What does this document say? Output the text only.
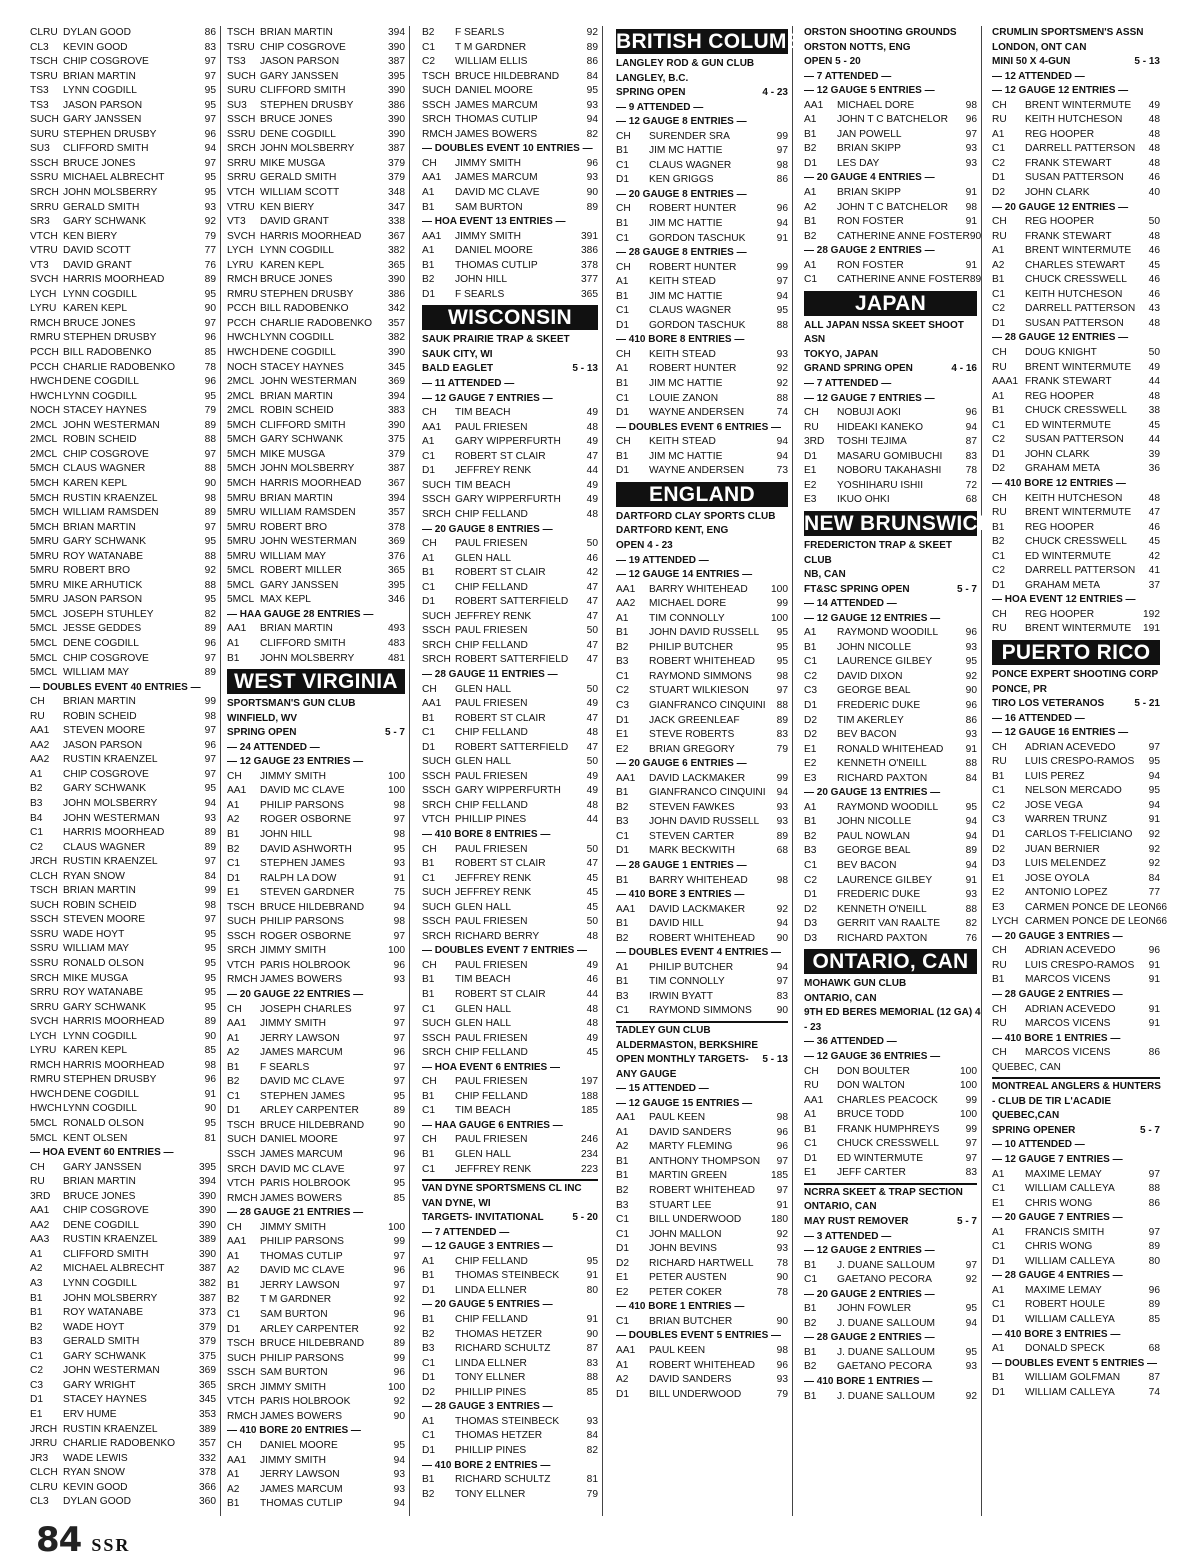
CLRU DYLAN GOOD	86
CL3	KEVIN GOOD	83
TSCH CHIP COSGROVE	97
TSRU BRIAN MARTIN	97
TS3	LYNN COGDILL	95
TS3	JASON PARSON	95
SUCH GARY JANSSEN	97
SURU STEPHEN DRUSBY	96
SU3	CLIFFORD SMITH	94
SSCH BRUCE JONES	97
SSRU MICHAEL ALBRECHT	95
SRCH JOHN MOLSBERRY	95
SRRU GERALD SMITH	93
SR3	GARY SCHWANK	92
VTCH KEN BIERY	79
VTRU DAVID SCOTT	77
VT3	DAVID GRANT	76
SVCH HARRIS MOORHEAD	89
LYCH LYNN COGDILL	95
LYRU KAREN KEPL	90
RMCH BRUCE JONES	97
RMRU STEPHEN DRUSBY	96
PCCH BILL RADOBENKO	85
PCCH CHARLIE RADOBENKO	78
HWCH DENE COGDILL	96
HWCH LYNN COGDILL	95
NOCH STACEY HAYNES	79
2MCL JOHN WESTERMAN	89
2MCL ROBIN SCHEID	88
2MCL CHIP COSGROVE	97
5MCH CLAUS WAGNER	88
5MCH KAREN KEPL	90
5MCH RUSTIN KRAENZEL	98
5MCH WILLIAM RAMSDEN	89
5MCH BRIAN MARTIN	97
5MRU GARY SCHWANK	95
5MRU ROY WATANABE	88
5MRU ROBERT BRO	92
5MRU MIKE ARHUTICK	88
5MRU JASON PARSON	95
5MCL JOSEPH STUHLEY	82
5MCL JESSE GEDDES	89
5MCL DENE COGDILL	96
5MCL CHIP COSGROVE	97
5MCL WILLIAM MAY	89
— DOUBLES EVENT 40 ENTRIES —
CH	BRIAN MARTIN	99
RU	ROBIN SCHEID	98
AA1	STEVEN MOORE	97
AA2	JASON PARSON	96
AA2	RUSTIN KRAENZEL	97
A1	CHIP COSGROVE	97
B2	GARY SCHWANK	95
B3	JOHN MOLSBERRY	94
B4	JOHN WESTERMAN	93
C1	HARRIS MOORHEAD	89
C2	CLAUS WAGNER	89
JRCH RUSTIN KRAENZEL	97
CLCH RYAN SNOW	84
TSCH BRIAN MARTIN	99
SUCH ROBIN SCHEID	98
SSCH STEVEN MOORE	97
SSRU WADE HOYT	95
SSRU WILLIAM MAY	95
SSRU RONALD OLSON	95
SRCH MIKE MUSGA	95
SRRU ROY WATANABE	95
SRRU GARY SCHWANK	95
SVCH HARRIS MOORHEAD	89
LYCH LYNN COGDILL	90
LYRU KAREN KEPL	85
RMCH HARRIS MOORHEAD	98
RMRU STEPHEN DRUSBY	96
HWCH DENE COGDILL	91
HWCH LYNN COGDILL	90
5MCL RONALD OLSON	95
5MCL KENT OLSEN	81
— HOA EVENT 60 ENTRIES —
CH	GARY JANSSEN	395
RU	BRIAN MARTIN	394
3RD	BRUCE JONES	390
AA1	CHIP COSGROVE	390
AA2	DENE COGDILL	390
AA3	RUSTIN KRAENZEL	389
A1	CLIFFORD SMITH	390
A2	MICHAEL ALBRECHT	387
A3	LYNN COGDILL	382
B1	JOHN MOLSBERRY	387
B1	ROY WATANABE	373
B2	WADE HOYT	379
B3	GERALD SMITH	379
C1	GARY SCHWANK	375
C2	JOHN WESTERMAN	369
C3	GARY WRIGHT	365
D1	STACEY HAYNES	345
E1	ERV HUME	353
JRCH RUSTIN KRAENZEL	389
JRRU CHARLIE RADOBENKO	357
JR3	WADE LEWIS	332
CLCH RYAN SNOW	378
CLRU KEVIN GOOD	366
CL3	DYLAN GOOD	360
TSCH BRIAN MARTIN	394
TSRU CHIP COSGROVE	390
TS3	JASON PARSON	387
SUCH GARY JANSSEN	395
SURU CLIFFORD SMITH	390
SU3	STEPHEN DRUSBY	386
SSCH BRUCE JONES	390
SSRU DENE COGDILL	390
SRCH JOHN MOLSBERRY	387
SRRU MIKE MUSGA	379
SRRU GERALD SMITH	379
VTCH WILLIAM SCOTT	348
VTRU KEN BIERY	347
VT3	DAVID GRANT	338
SVCH HARRIS MOORHEAD	367
LYCH LYNN COGDILL	382
LYRU KAREN KEPL	365
RMCH BRUCE JONES	390
RMRU STEPHEN DRUSBY	386
PCCH BILL RADOBENKO	342
PCCH CHARLIE RADOBENKO	357
HWCH LYNN COGDILL	382
HWCH DENE COGDILL	390
NOCH STACEY HAYNES	345
2MCL JOHN WESTERMAN	369
2MCL BRIAN MARTIN	394
2MCL ROBIN SCHEID	383
5MCH CLIFFORD SMITH	390
5MCH GARY SCHWANK	375
5MCH MIKE MUSGA	379
5MCH JOHN MOLSBERRY	387
5MCH HARRIS MOORHEAD	367
5MRU BRIAN MARTIN	394
5MRU WILLIAM RAMSDEN	357
5MRU ROBERT BRO	378
5MRU JOHN WESTERMAN	369
5MRU WILLIAM MAY	376
5MCL ROBERT MILLER	365
5MCL GARY JANSSEN	395
5MCL MAX KEPL	346
— HAA GAUGE 28 ENTRIES —
AA1	BRIAN MARTIN	493
A1	CLIFFORD SMITH	483
B1	JOHN MOLSBERRY	481
WEST VIRGINIA
SPORTSMAN'S GUN CLUB
WINFIELD, WV
5 - 7
SPRING OPEN
— 24 ATTENDED —
— 12 GAUGE 23 ENTRIES —
CH	JIMMY SMITH	100
AA1	DAVID MC CLAVE	100
A1	PHILIP PARSONS	98
A2	ROGER OSBORNE	97
B1	JOHN HILL	98
B2	DAVID ASHWORTH	95
C1	STEPHEN JAMES	93
D1	RALPH LA DOW	91
E1	STEVEN GARDNER	75
TSCH BRUCE HILDEBRAND	94
SUCH PHILIP PARSONS	98
SSCH ROGER OSBORNE	97
SRCH JIMMY SMITH	100
VTCH PARIS HOLBROOK	96
RMCH JAMES BOWERS	93
— 20 GAUGE 22 ENTRIES —
CH	JOSEPH CHARLES	97
AA1	JIMMY SMITH	97
A1	JERRY LAWSON	97
A2	JAMES MARCUM	96
B1	F SEARLS	97
B2	DAVID MC CLAVE	97
C1	STEPHEN JAMES	95
D1	ARLEY CARPENTER	89
TSCH BRUCE HILDEBRAND	90
SUCH DANIEL MOORE	97
SSCH JAMES MARCUM	96
SRCH DAVID MC CLAVE	97
VTCH PARIS HOLBROOK	95
RMCH JAMES BOWERS	85
— 28 GAUGE 21 ENTRIES —
CH	JIMMY SMITH	100
AA1	PHILIP PARSONS	99
A1	THOMAS CUTLIP	97
A2	DAVID MC CLAVE	96
B1	JERRY LAWSON	97
B2	T M GARDNER	92
C1	SAM BURTON	96
D1	ARLEY CARPENTER	92
TSCH BRUCE HILDEBRAND	89
SUCH PHILIP PARSONS	99
SSCH SAM BURTON	96
SRCH JIMMY SMITH	100
VTCH PARIS HOLBROOK	92
RMCH JAMES BOWERS	90
— 410 BORE 20 ENTRIES —
CH	DANIEL MOORE	95
AA1	JIMMY SMITH	94
A1	JERRY LAWSON	93
A2	JAMES MARCUM	93
B1	THOMAS CUTLIP	94
B2	F SEARLS	92
C1	T M GARDNER	89
C2	WILLIAM ELLIS	86
TSCH BRUCE HILDEBRAND	84
SUCH DANIEL MOORE	95
SSCH JAMES MARCUM	93
SRCH THOMAS CUTLIP	94
RMCH JAMES BOWERS	82
— DOUBLES EVENT 10 ENTRIES —
CH	JIMMY SMITH	96
AA1	JAMES MARCUM	93
A1	DAVID MC CLAVE	90
B1	SAM BURTON	89
— HOA EVENT 13 ENTRIES —
AA1	JIMMY SMITH	391
A1	DANIEL MOORE	386
B1	THOMAS CUTLIP	378
B2	JOHN HILL	377
D1	F SEARLS	365
WISCONSIN
SAUK PRAIRIE TRAP & SKEET
SAUK CITY, WI
5 - 13
BALD EAGLET
— 11 ATTENDED —
— 12 GAUGE 7 ENTRIES —
CH	TIM BEACH	49
AA1	PAUL FRIESEN	48
A1	GARY WIPPERFURTH	49
C1	ROBERT ST CLAIR	47
D1	JEFFREY RENK	44
SUCH TIM BEACH	49
SSCH GARY WIPPERFURTH	49
SRCH CHIP FELLAND	48
— 20 GAUGE 8 ENTRIES —
CH	PAUL FRIESEN	50
A1	GLEN HALL	46
B1	ROBERT ST CLAIR	42
C1	CHIP FELLAND	47
D1	ROBERT SATTERFIELD	47
SUCH JEFFREY RENK	47
SSCH PAUL FRIESEN	50
SRCH CHIP FELLAND	47
SRCH ROBERT SATTERFIELD	47
— 28 GAUGE 11 ENTRIES —
CH	GLEN HALL	50
AA1	PAUL FRIESEN	49
B1	ROBERT ST CLAIR	47
C1	CHIP FELLAND	48
D1	ROBERT SATTERFIELD	47
SUCH GLEN HALL	50
SSCH PAUL FRIESEN	49
SSCH GARY WIPPERFURTH	49
SRCH CHIP FELLAND	48
VTCH PHILLIP PINES	44
— 410 BORE 8 ENTRIES —
CH	PAUL FRIESEN	50
B1	ROBERT ST CLAIR	47
C1	JEFFREY RENK	45
SUCH JEFFREY RENK	45
SUCH GLEN HALL	45
SSCH PAUL FRIESEN	50
SRCH RICHARD BERRY	48
— DOUBLES EVENT 7 ENTRIES —
CH	PAUL FRIESEN	49
B1	TIM BEACH	46
B1	ROBERT ST CLAIR	44
C1	GLEN HALL	48
SUCH GLEN HALL	48
SSCH PAUL FRIESEN	49
SRCH CHIP FELLAND	45
— HOA EVENT 6 ENTRIES —
CH	PAUL FRIESEN	197
B1	CHIP FELLAND	188
C1	TIM BEACH	185
— HAA GAUGE 6 ENTRIES —
CH	PAUL FRIESEN	246
B1	GLEN HALL	234
C1	JEFFREY RENK	223
VAN DYNE SPORTSMENS CL INC
VAN DYNE, WI
5 - 20
TARGETS- INVITATIONAL
— 7 ATTENDED —
— 12 GAUGE 3 ENTRIES —
A1	CHIP FELLAND	95
B1	THOMAS STEINBECK	91
D1	LINDA ELLNER	80
— 20 GAUGE 5 ENTRIES —
B1	CHIP FELLAND	91
B2	THOMAS HETZER	90
B3	RICHARD SCHULTZ	87
C1	LINDA ELLNER	83
D1	TONY ELLNER	88
D2	PHILLIP PINES	85
— 28 GAUGE 3 ENTRIES —
A1	THOMAS STEINBECK	93
C1	THOMAS HETZER	84
D1	PHILLIP PINES	82
— 410 BORE 2 ENTRIES —
B1	RICHARD SCHULTZ	81
B2	TONY ELLNER	79
BRITISH COLUMBIA
LANGLEY ROD & GUN CLUB
LANGLEY, B.C.
4 - 23
SPRING OPEN
— 9 ATTENDED —
— 12 GAUGE 8 ENTRIES —
CH	SURENDER SRA	99
B1	JIM MC HATTIE	97
C1	CLAUS WAGNER	98
D1	KEN GRIGGS	86
— 20 GAUGE 8 ENTRIES —
CH	ROBERT HUNTER	96
B1	JIM MC HATTIE	94
C1	GORDON TASCHUK	91
— 28 GAUGE 8 ENTRIES —
CH	ROBERT HUNTER	99
A1	KEITH STEAD	97
B1	JIM MC HATTIE	94
C1	CLAUS WAGNER	95
D1	GORDON TASCHUK	88
— 410 BORE 8 ENTRIES —
CH	KEITH STEAD	93
A1	ROBERT HUNTER	92
B1	JIM MC HATTIE	92
C1	LOUIE ZANON	88
D1	WAYNE ANDERSEN	74
— DOUBLES EVENT 6 ENTRIES —
CH	KEITH STEAD	94
B1	JIM MC HATTIE	94
D1	WAYNE ANDERSEN	73
ENGLAND
DARTFORD CLAY SPORTS CLUB
DARTFORD KENT, ENG
OPEN 4 - 23
— 19 ATTENDED —
— 12 GAUGE 14 ENTRIES —
AA1	BARRY WHITEHEAD	100
AA2	MICHAEL DORE	99
A1	TIM CONNOLLY	100
B1	JOHN DAVID RUSSELL	95
B2	PHILIP BUTCHER	95
B3	ROBERT WHITEHEAD	95
C1	RAYMOND SIMMONS	98
C2	STUART WILKIESON	97
C3	GIANFRANCO CINQUINI	88
D1	JACK GREENLEAF	89
E1	STEVE ROBERTS	83
E2	BRIAN GREGORY	79
— 20 GAUGE 6 ENTRIES —
AA1	DAVID LACKMAKER	99
B1	GIANFRANCO CINQUINI	94
B2	STEVEN FAWKES	93
B3	JOHN DAVID RUSSELL	93
C1	STEVEN CARTER	89
D1	MARK BECKWITH	68
— 28 GAUGE 1 ENTRIES —
B1	BARRY WHITEHEAD	98
— 410 BORE 3 ENTRIES —
AA1	DAVID LACKMAKER	92
B1	DAVID HILL	94
B2	ROBERT WHITEHEAD	90
— DOUBLES EVENT 4 ENTRIES —
A1	PHILIP BUTCHER	94
B1	TIM CONNOLLY	97
B3	IRWIN BYATT	83
C1	RAYMOND SIMMONS	90
TADLEY GUN CLUB
ALDERMASTON, BERKSHIRE
5 - 13
OPEN MONTHLY TARGETS-ANY GAUGE
— 15 ATTENDED —
— 12 GAUGE 15 ENTRIES —
AA1	PAUL KEEN	98
A1	DAVID SANDERS	96
A2	MARTY FLEMING	96
B1	ANTHONY THOMPSON	97
B1	MARTIN GREEN	185
B2	ROBERT WHITEHEAD	97
B3	STUART LEE	91
C1	BILL UNDERWOOD	180
C1	JOHN MALLON	92
D1	JOHN BEVINS	93
D2	RICHARD HARTWELL	78
E1	PETER AUSTEN	90
E2	PETER COKER	78
— 410 BORE 1 ENTRIES —
C1	BRIAN BUTCHER	90
— DOUBLES EVENT 5 ENTRIES —
AA1	PAUL KEEN	98
A1	ROBERT WHITEHEAD	96
A2	DAVID SANDERS	93
D1	BILL UNDERWOOD	79
ORSTON SHOOTING GROUNDS
ORSTON NOTTS, ENG
OPEN 5 - 20
— 7 ATTENDED —
— 12 GAUGE 5 ENTRIES —
AA1	MICHAEL DORE	98
A1	JOHN T C BATCHELOR	96
B1	JAN POWELL	97
B2	BRIAN SKIPP	93
D1	LES DAY	93
— 20 GAUGE 4 ENTRIES —
A1	BRIAN SKIPP	91
A2	JOHN T C BATCHELOR	98
B1	RON FOSTER	91
B2	CATHERINE ANNE FOSTER 90
— 28 GAUGE 2 ENTRIES —
A1	RON FOSTER	91
C1	CATHERINE ANNE FOSTER 89
JAPAN
ALL JAPAN NSSA SKEET SHOOT ASN
TOKYO, JAPAN
4 - 16
GRAND SPRING OPEN
— 7 ATTENDED —
— 12 GAUGE 7 ENTRIES —
CH	NOBUJI AOKI	96
RU	HIDEAKI KANEKO	94
3RD	TOSHI TEJIMA	87
D1	MASARU GOMIBUCHI	83
E1	NOBORU TAKAHASHI	78
E2	YOSHIHARU ISHII	72
E3	IKUO OHKI	68
NEW BRUNSWICK
FREDERICTON TRAP & SKEET CLUB
NB, CAN
5 - 7
FT&SC SPRING OPEN
— 14 ATTENDED —
— 12 GAUGE 12 ENTRIES —
A1	RAYMOND WOODILL	96
B1	JOHN NICOLLE	93
C1	LAURENCE GILBEY	95
C2	DAVID DIXON	92
C3	GEORGE BEAL	90
D1	FREDERIC DUKE	96
D2	TIM AKERLEY	86
D2	BEV BACON	93
E1	RONALD WHITEHEAD	91
E2	KENNETH O'NEILL	88
E3	RICHARD PAXTON	84
— 20 GAUGE 13 ENTRIES —
A1	RAYMOND WOODILL	95
B1	JOHN NICOLLE	94
B2	PAUL NOWLAN	94
B3	GEORGE BEAL	89
C1	BEV BACON	94
C2	LAURENCE GILBEY	91
D1	FREDERIC DUKE	93
D2	KENNETH O'NEILL	88
D3	GERRIT VAN RAALTE	82
D3	RICHARD PAXTON	76
ONTARIO, CAN
MOHAWK GUN CLUB
ONTARIO, CAN
9TH ED BERES MEMORIAL (12 GA) 4 - 23
— 36 ATTENDED —
— 12 GAUGE 36 ENTRIES —
CH	DON BOULTER	100
RU	DON WALTON	100
AA1	CHARLES PEACOCK	99
A1	BRUCE TODD	100
B1	FRANK HUMPHREYS	99
C1	CHUCK CRESSWELL	97
D1	ED WINTERMUTE	97
E1	JEFF CARTER	83
NCRRA SKEET & TRAP SECTION
ONTARIO, CAN
5 - 7
MAY RUST REMOVER
— 3 ATTENDED —
— 12 GAUGE 2 ENTRIES —
B1	J. DUANE SALLOUM	97
C1	GAETANO PECORA	92
— 20 GAUGE 2 ENTRIES —
B1	JOHN FOWLER	95
B2	J. DUANE SALLOUM	94
— 28 GAUGE 2 ENTRIES —
B1	J. DUANE SALLOUM	95
B2	GAETANO PECORA	93
— 410 BORE 1 ENTRIES —
B1	J. DUANE SALLOUM	92
CRUMLIN SPORTSMEN'S ASSN
LONDON, ONT CAN
5 - 13
MINI 50 X 4-GUN
— 12 ATTENDED —
— 12 GAUGE 12 ENTRIES —
CH	BRENT WINTERMUTE	49
RU	KEITH HUTCHESON	48
A1	REG HOOPER	48
C1	DARRELL PATTERSON	48
C2	FRANK STEWART	48
D1	SUSAN PATTERSON	46
D2	JOHN CLARK	40
— 20 GAUGE 12 ENTRIES —
CH	REG HOOPER	50
RU	FRANK STEWART	48
A1	BRENT WINTERMUTE	46
A2	CHARLES STEWART	45
B1	CHUCK CRESSWELL	46
C1	KEITH HUTCHESON	46
C2	DARRELL PATTERSON	43
D1	SUSAN PATTERSON	48
— 28 GAUGE 12 ENTRIES —
CH	DOUG KNIGHT	50
RU	BRENT WINTERMUTE	49
AAA1 FRANK STEWART	44
A1	REG HOOPER	48
B1	CHUCK CRESSWELL	38
C1	ED WINTERMUTE	45
C2	SUSAN PATTERSON	44
D1	JOHN CLARK	39
D2	GRAHAM META	36
— 410 BORE 12 ENTRIES —
CH	KEITH HUTCHESON	48
RU	BRENT WINTERMUTE	47
B1	REG HOOPER	46
B2	CHUCK CRESSWELL	45
C1	ED WINTERMUTE	42
C2	DARRELL PATTERSON	41
D1	GRAHAM META	37
— HOA EVENT 12 ENTRIES —
CH	REG HOOPER	192
RU	BRENT WINTERMUTE	191
PUERTO RICO
PONCE EXPERT SHOOTING CORP
PONCE, PR
5 - 21
TIRO LOS VETERANOS
— 16 ATTENDED —
— 12 GAUGE 16 ENTRIES —
CH	ADRIAN ACEVEDO	97
RU	LUIS CRESPO-RAMOS	95
B1	LUIS PEREZ	94
C1	NELSON MERCADO	95
C2	JOSE VEGA	94
C3	WARREN TRUNZ	91
D1	CARLOS T-FELICIANO	92
D2	JUAN BERNIER	92
D3	LUIS MELENDEZ	92
E1	JOSE OYOLA	84
E2	ANTONIO LOPEZ	77
E3	CARMEN PONCE DE LEON 66
LYCH CARMEN PONCE DE LEON 66
— 20 GAUGE 3 ENTRIES —
CH	ADRIAN ACEVEDO	96
RU	LUIS CRESPO-RAMOS	91
B1	MARCOS VICENS	91
— 28 GAUGE 2 ENTRIES —
CH	ADRIAN ACEVEDO	91
RU	MARCOS VICENS	91
— 410 BORE 1 ENTRIES —
CH	MARCOS VICENS	86
QUEBEC, CAN
MONTREAL ANGLERS & HUNTERS - CLUB DE TIR L'ACADIE
QUEBEC,CAN
5 - 7
SPRING OPENER
— 10 ATTENDED —
— 12 GAUGE 7 ENTRIES —
A1	MAXIME LEMAY	97
C1	WILLIAM CALLEYA	88
E1	CHRIS WONG	86
— 20 GAUGE 7 ENTRIES —
A1	FRANCIS SMITH	97
C1	CHRIS WONG	89
D1	WILLIAM CALLEYA	80
— 28 GAUGE 4 ENTRIES —
A1	MAXIME LEMAY	96
C1	ROBERT HOULE	89
D1	WILLIAM CALLEYA	85
— 410 BORE 3 ENTRIES —
A1	DONALD SPECK	68
— DOUBLES EVENT 5 ENTRIES —
B1	WILLIAM GOLFMAN	87
D1	WILLIAM CALLEYA	74
84 SSR
